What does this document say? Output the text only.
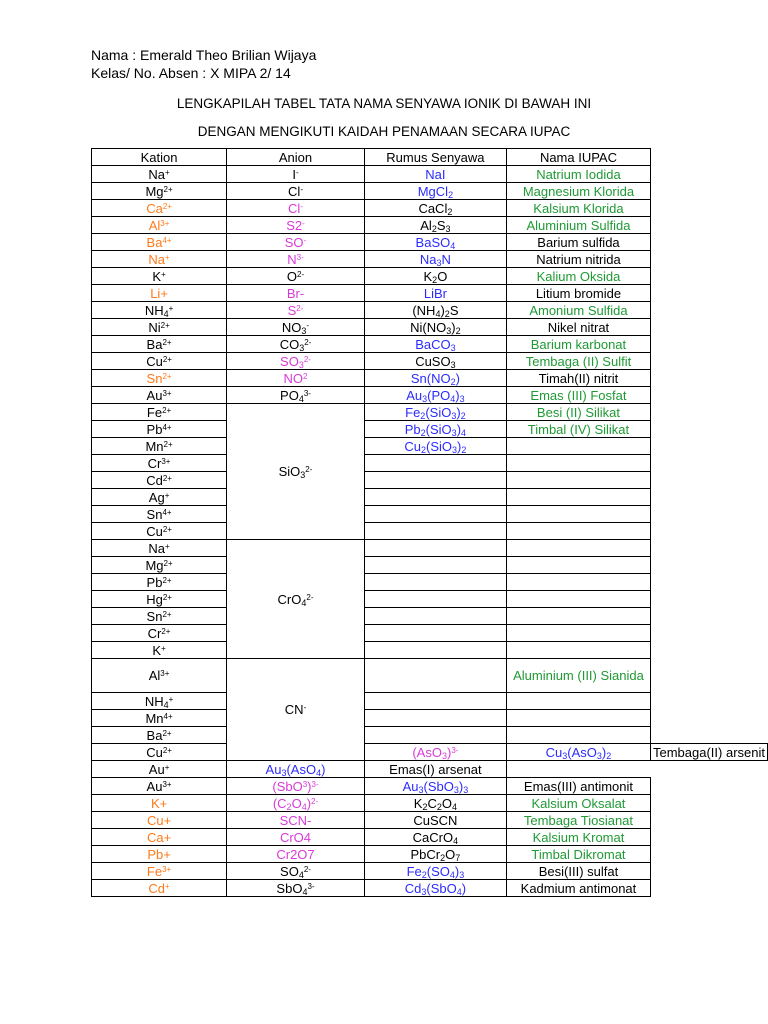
Nama : Emerald Theo Brilian Wijaya
Kelas/ No. Absen : X MIPA 2/ 14
LENGKAPILAH TABEL TATA NAMA SENYAWA IONIK DI BAWAH INI
DENGAN MENGIKUTI KAIDAH PENAMAAN SECARA IUPAC
Kation	Anion	Rumus Senyawa	Nama IUPAC	
Na+	I-	NaI	Natrium Iodida	
$Mg^{2+}$	Cl-	MgCl$_2$	Magnesium Klorida	
$Ca^{2+}$	Cl-	CaCl$_2$	Kalsium Klorida	
$Al^{3+}$	S2-	$Al_2S_3$	Aluminium Sulfida	
$Ba^{4+}$	SO-	BaSO$_4$	Barium sulfida	
Na+	$N^{3-}$	$Na_3N$	Natrium nitrida	
K+	$O^{2-}$	$K_2O$	Kalium Oksida	
Li+	Br-	LiBr	Litium bromide	
$NH_4^+$	$S^{2-}$	$(NH_4)_2S$	Amonium Sulfida	
$Ni^{2+}$	$NO_3^-$	$Ni(NO_3)_2$	Nikel nitrat	
$Ba^{2+}$	$CO_3^{2-}$	BaCO$_3$	Barium karbonat	
$Cu^{2+}$	$SO_3^{2-}$	CuSO$_3$	Tembaga (II) Sulfit	
$Sn^{2+}$	$NO^2$	$Sn(NO_2)$	Timah(II) nitrit	
$Au^{3+}$	$PO_4^{3-}$	$Au_3(PO_4)_3$	Emas (III) Fosfat	
$Fe^{2+}$	SiO$_3^{2-}$	$Fe_2(SiO_3)_2$	Besi (II) Silikat	
$Pb^{4+}$		$Pb_2(SiO_3)_4$	Timbal (IV) Silikat	
$Mn^{2+}$		$Cu_2(SiO_3)_2$	
$Cr^{3+}$		
$Cd^{2+}$		
Ag+		
$Sn^{4+}$		
$Cu^{2+}$		
Na+	CrO$_4^{2-}$		
$Mg^{2+}$		
$Pb^{2+}$		
$Hg^{2+}$		
$Sn^{2+}$		
$Cr^{2+}$		
K+		
$Al^{3+}$	CN-		Aluminium (III) Sianida	
$NH_4^+$		
$Mn^{4+}$		
$Ba^{2+}$		
$Cu^{2+}$		$(AsO_3)^{3-}$	$Cu_3(AsO_3)_2$	Tembaga(II) arsenit
Au+	$Au_3(AsO_4)$	Emas(I) arsenat		
$Au^{3+}$	$(SbO^3)^{3-}$	$Au_3(SbO_3)_3$	Emas(III) antimonit	
K+	$(C_2O_4)^{2-}$	$K_2C_2O_4$	Kalsium Oksalat	
Cu+	SCN-	CuSCN	Tembaga Tiosianat	
Ca+	CrO4	CaCrO$_4$	Kalsium Kromat	
Pb+	Cr2O7	$PbCr_2O_7$	Timbal Dikromat	
$Fe^{3+}$	$SO_4^{2-}$	$Fe_2(SO_4)_3$	Besi(III) sulfat	
Cd+	SbO$_4^{3-}$	$Cd_3(SbO_4)$	Kadmium antimonat	
